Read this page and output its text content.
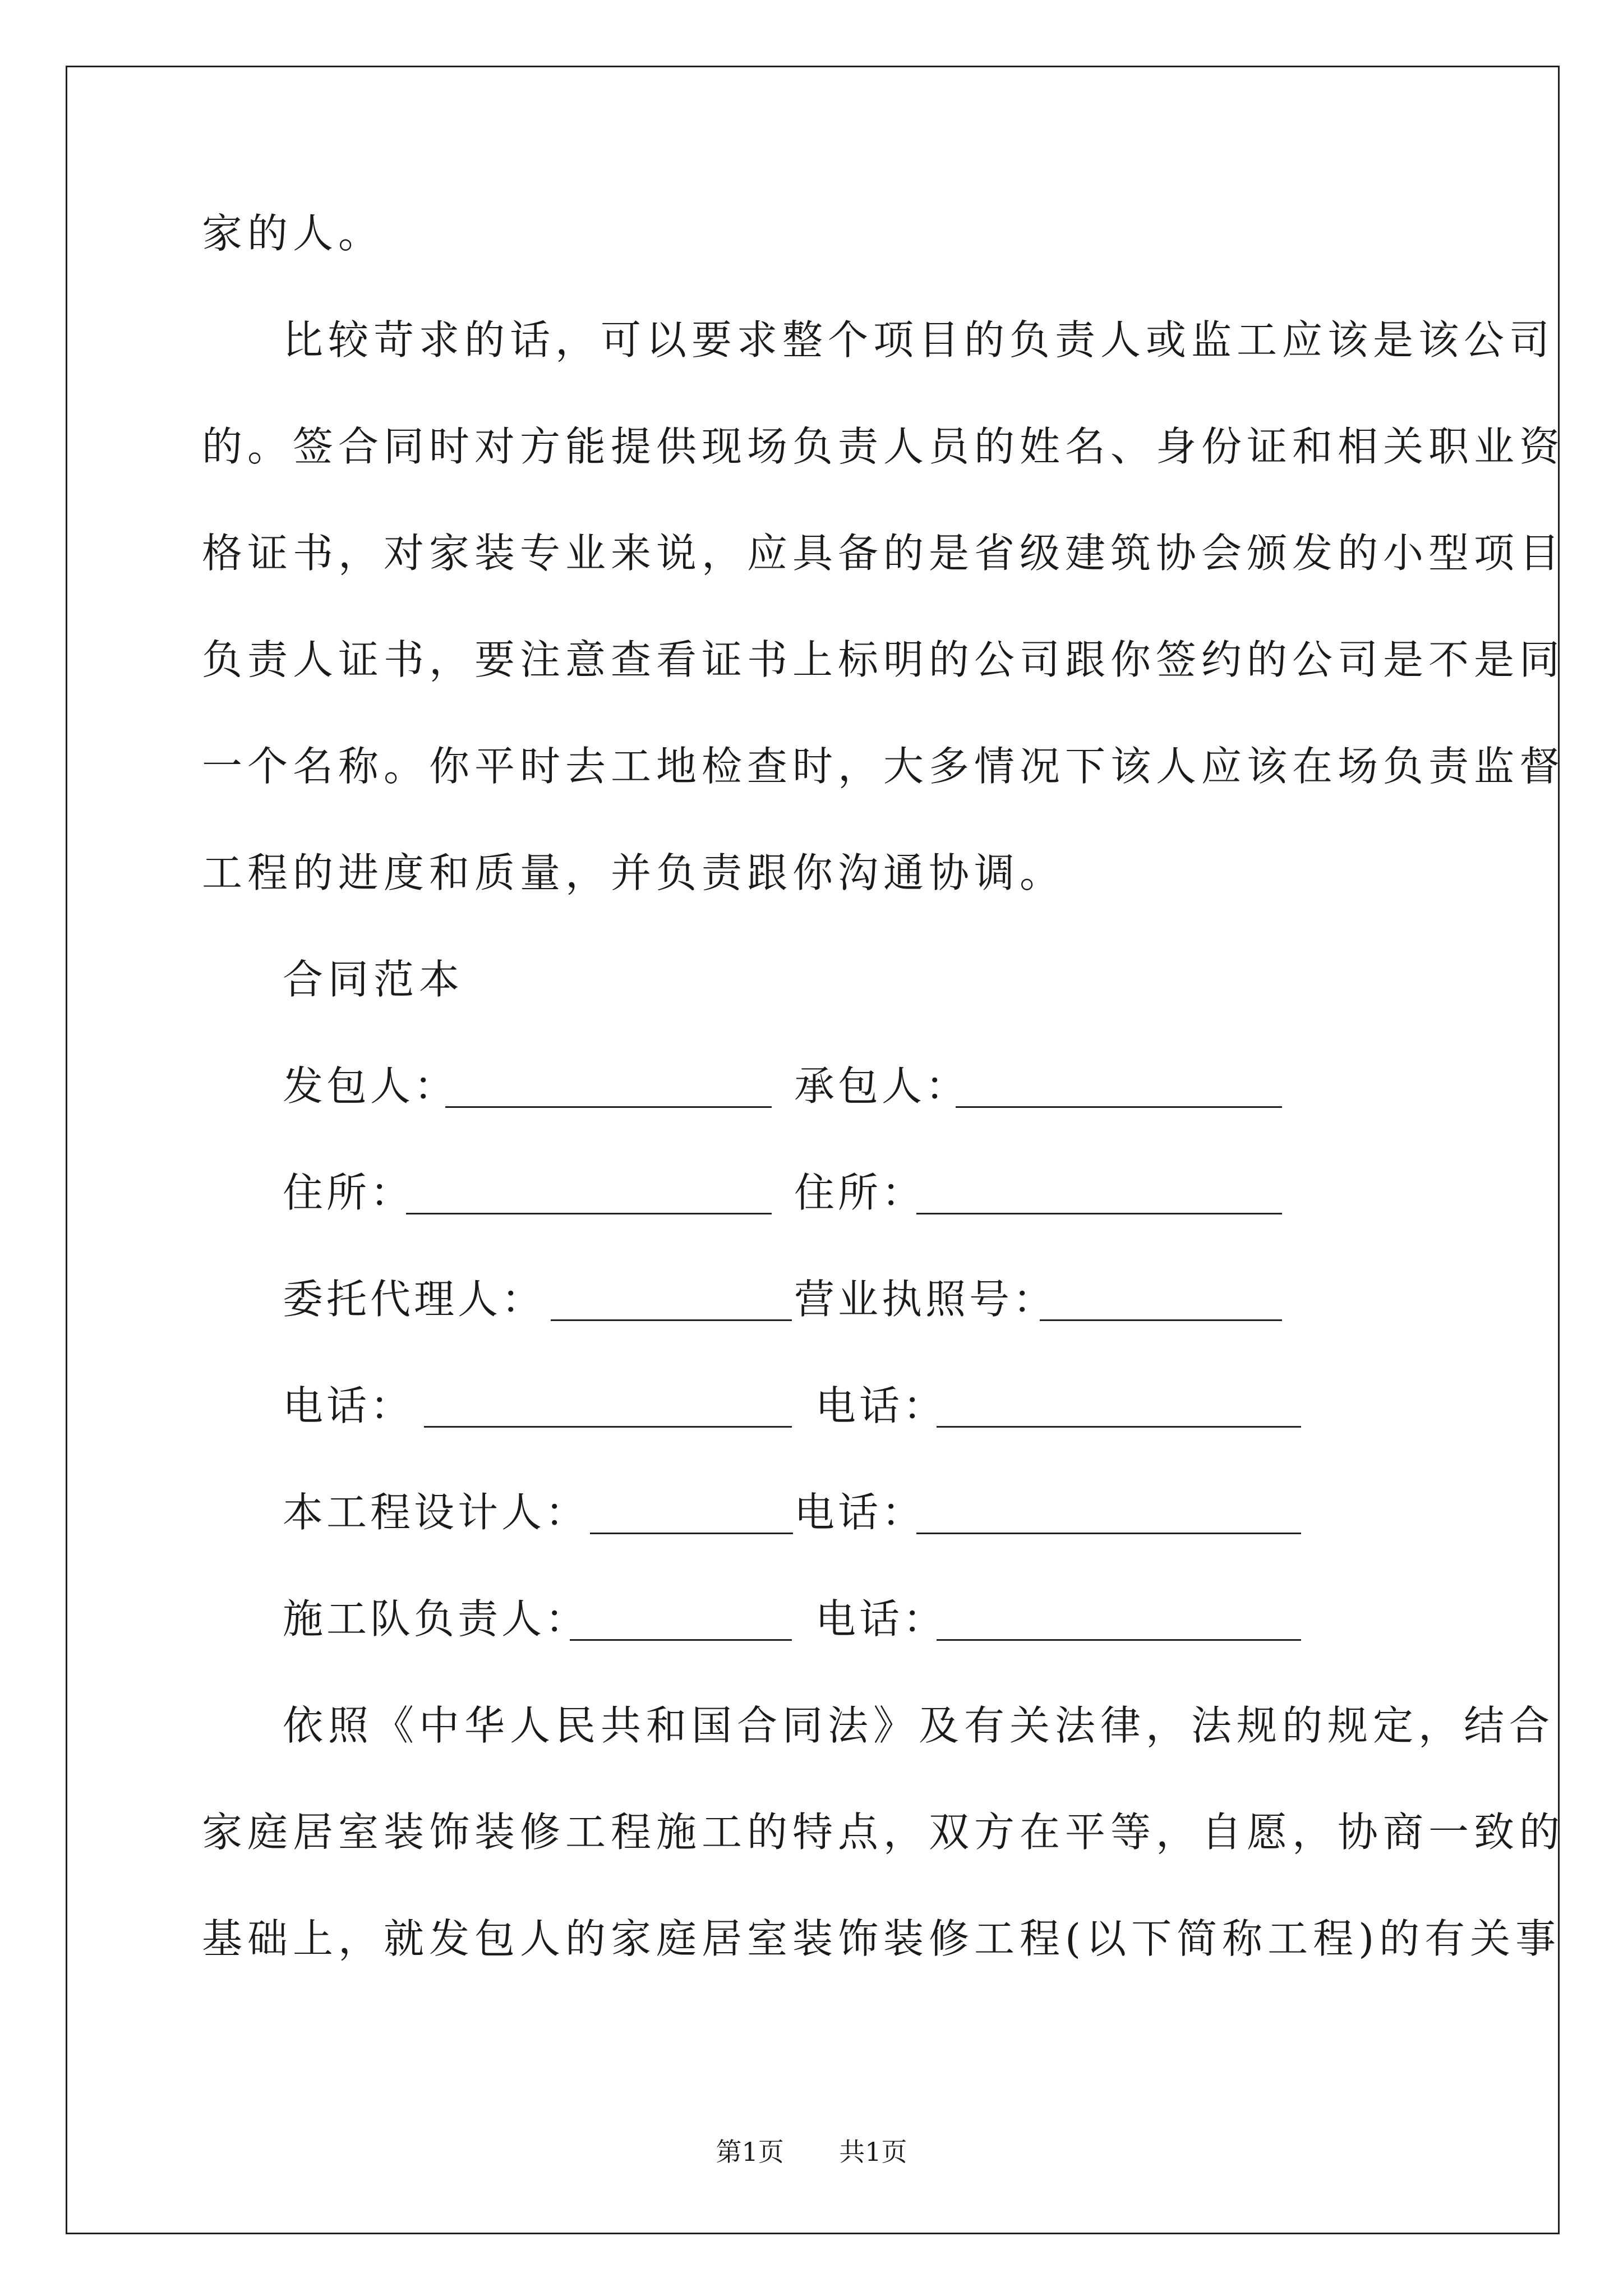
家的人。
比较苛求的话，可以要求整个项目的负责人或监工应该是该公司
的。签合同时对方能提供现场负责人员的姓名、身份证和相关职业资
格证书，对家装专业来说，应具备的是省级建筑协会颁发的小型项目
负责人证书，要注意查看证书上标明的公司跟你签约的公司是不是同
一个名称。你平时去工地检查时，大多情况下该人应该在场负责监督
工程的进度和质量，并负责跟你沟通协调。
合同范本
发包人：	承包人：
住所：	住所：
委托代理人：	营业执照号：
电话：	电话：
本工程设计人：	电话：
施工队负责人：	电话：
依照《中华人民共和国合同法》及有关法律，法规的规定，结合
家庭居室装饰装修工程施工的特点，双方在平等，自愿，协商一致的
基础上，就发包人的家庭居室装饰装修工程(以下简称工程)的有关事
第1页 共1页
